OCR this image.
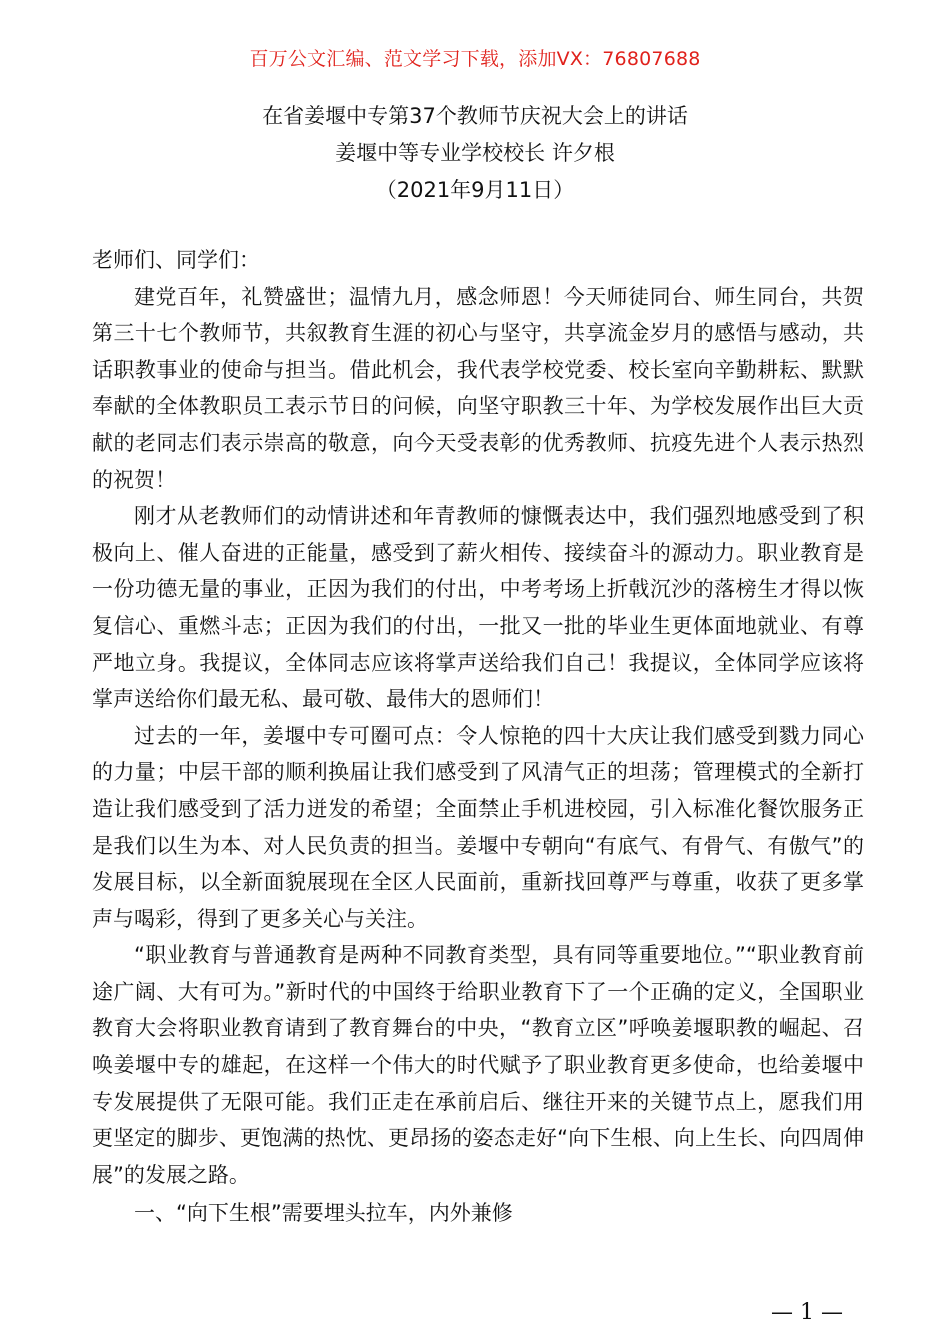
百万公文汇编、范文学习下载，添加VX：76807688
在省姜堰中专第37个教师节庆祝大会上的讲话
姜堰中等专业学校校长 许夕根
（2021年9月11日）

老师们、同学们：

建党百年，礼赞盛世；温情九月，感念师恩！今天师徒同台、师生同台，共贺第三十七个教师节，共叙教育生涯的初心与坚守，共享流金岁月的感悟与感动，共话职教事业的使命与担当。借此机会，我代表学校党委、校长室向辛勤耕耘、默默奉献的全体教职员工表示节日的问候，向坚守职教三十年、为学校发展作出巨大贡献的老同志们表示崇高的敬意，向今天受表彰的优秀教师、抗疫先进个人表示热烈的祝贺！

刚才从老教师们的动情讲述和年青教师的慷慨表达中，我们强烈地感受到了积极向上、催人奋进的正能量，感受到了薪火相传、接续奋斗的源动力。职业教育是一份功德无量的事业，正因为我们的付出，中考考场上折戟沉沙的落榜生才得以恢复信心、重燃斗志；正因为我们的付出，一批又一批的毕业生更体面地就业、有尊严地立身。我提议，全体同志应该将掌声送给我们自己！我提议，全体同学应该将掌声送给你们最无私、最可敬、最伟大的恩师们！

过去的一年，姜堰中专可圈可点：令人惊艳的四十大庆让我们感受到戮力同心的力量；中层干部的顺利换届让我们感受到了风清气正的坦荡；管理模式的全新打造让我们感受到了活力迸发的希望；全面禁止手机进校园，引入标准化餐饮服务正是我们以生为本、对人民负责的担当。姜堰中专朝向“有底气、有骨气、有傲气”的发展目标，以全新面貌展现在全区人民面前，重新找回尊严与尊重，收获了更多掌声与喝彩，得到了更多关心与关注。

“职业教育与普通教育是两种不同教育类型，具有同等重要地位。”“职业教育前途广阔、大有可为。”新时代的中国终于给职业教育下了一个正确的定义，全国职业教育大会将职业教育请到了教育舞台的中央，“教育立区”呼唤姜堰职教的崛起、召唤姜堰中专的雄起，在这样一个伟大的时代赋予了职业教育更多使命，也给姜堰中专发展提供了无限可能。我们正走在承前启后、继往开来的关键节点上，愿我们用更坚定的脚步、更饱满的热忱、更昂扬的姿态走好“向下生根、向上生长、向四周伸展”的发展之路。

一、“向下生根”需要埋头拉车，内外兼修

— 1 —
